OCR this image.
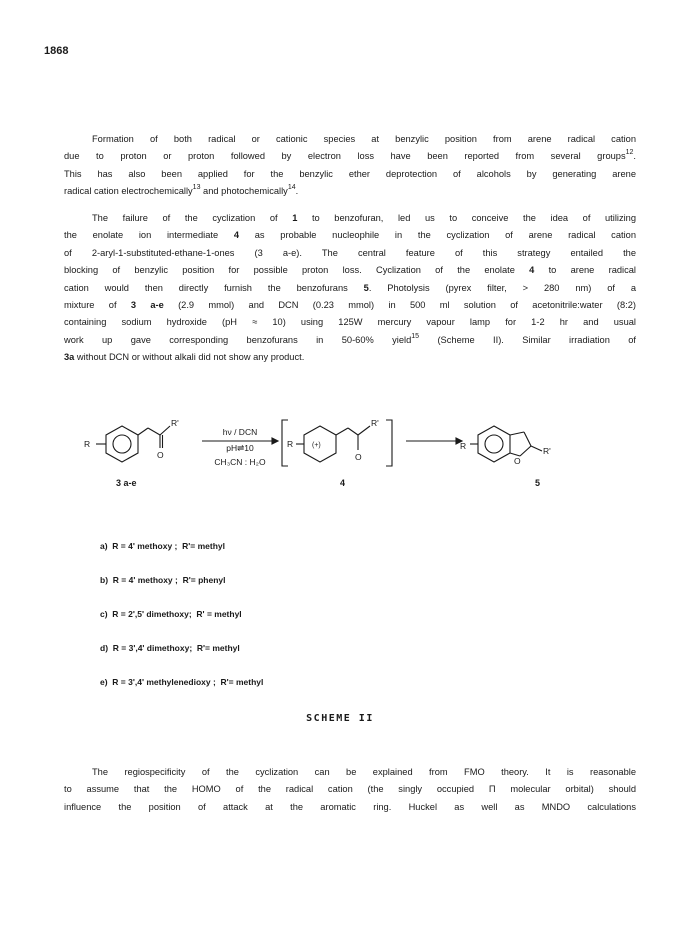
1868
Formation of both radical or cationic species at benzylic position from arene radical cation
due to proton or proton followed by electron loss have been reported from several groups$^{12}$.
This has also been applied for the benzylic ether deprotection of alcohols by generating arene
radical cation electrochemically$^{13}$ and photochemically$^{14}$.
The failure of the cyclization of 1 to benzofuran, led us to conceive the idea of utilizing
the enolate ion intermediate 4 as probable nucleophile in the cyclization of arene radical cation
of 2-aryl-1-substituted-ethane-1-ones (3 a-e). The central feature of this strategy entailed the
blocking of benzylic position for possible proton loss. Cyclization of the enolate 4 to arene radical
cation would then directly furnish the benzofurans 5. Photolysis (pyrex filter, > 280 nm) of a
mixture of 3 a-e (2.9 mmol) and DCN (0.23 mmol) in 500 ml solution of acetonitrile:water (8:2)
containing sodium hydroxide (pH ≈ 10) using 125W mercury vapour lamp for 1-2 hr and usual
work up gave corresponding benzofurans in 50-60% yield$^{15}$ (Scheme II). Similar irradiation of
3a without DCN or without alkali did not show any product.
R
R'
O
R	(+)
R'
O
R
O
R'
hν / DCN
pH⇌10
CH₃CN : H₂O
3 a-e	4	5
a) R = 4' methoxy ; R'= methyl
b) R = 4' methoxy ; R'= phenyl
c) R = 2',5' dimethoxy; R' = methyl
d) R = 3',4' dimethoxy; R'= methyl
e) R = 3',4' methylenedioxy ; R'= methyl
SCHEME II
The regiospecificity of the cyclization can be explained from FMO theory. It is reasonable
to assume that the HOMO of the radical cation (the singly occupied Π molecular orbital) should
influence the position of attack at the aromatic ring. Huckel as well as MNDO calculations
